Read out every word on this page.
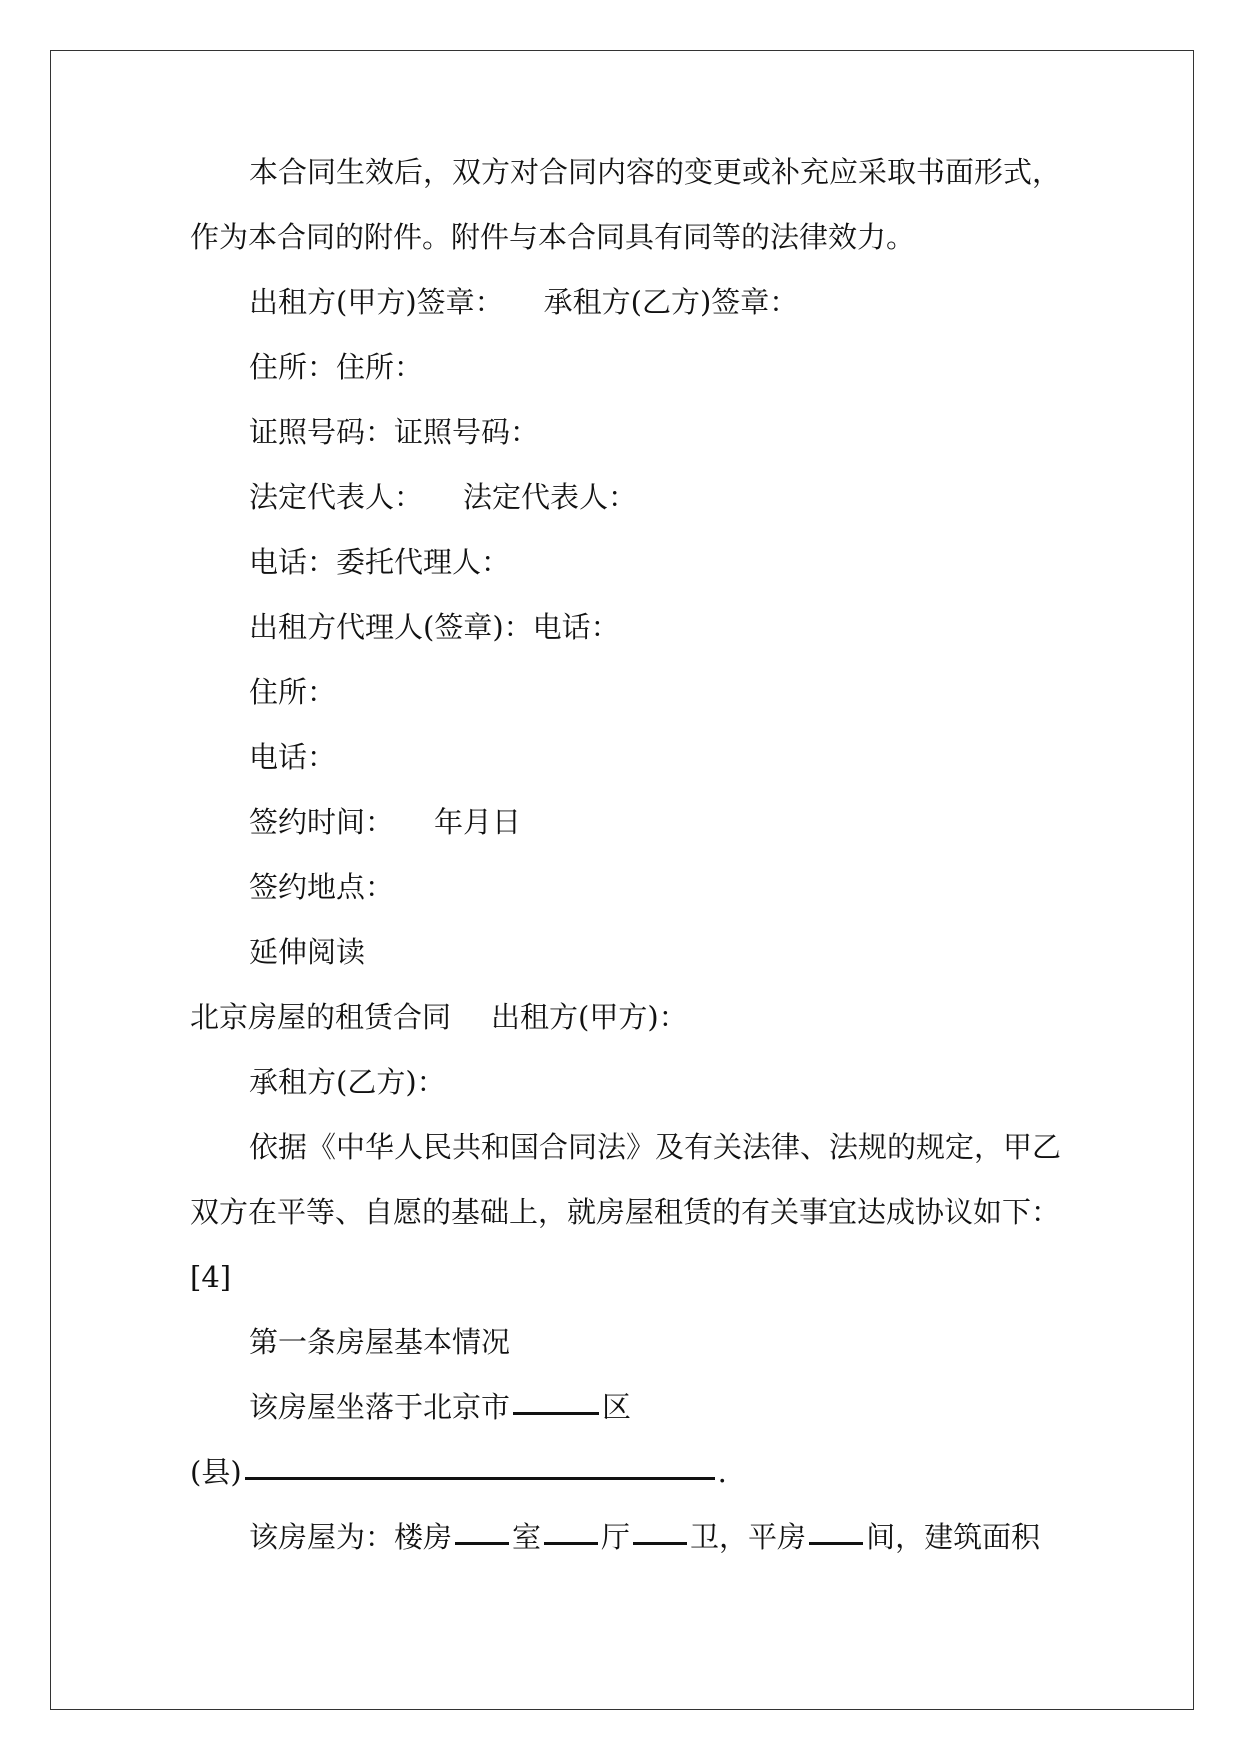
本合同生效后，双方对合同内容的变更或补充应采取书面形式，
作为本合同的附件。附件与本合同具有同等的法律效力。
出租方(甲方)签章： 承租方(乙方)签章：
住所：住所：
证照号码：证照号码：
法定代表人： 法定代表人：
电话：委托代理人：
出租方代理人(签章)：电话：
住所：
电话：
签约时间： 年月日
签约地点：
延伸阅读
北京房屋的租赁合同 出租方(甲方)：
承租方(乙方)：
依据《中华人民共和国合同法》及有关法律、法规的规定，甲乙
双方在平等、自愿的基础上，就房屋租赁的有关事宜达成协议如下：
[4]
第一条房屋基本情况
该房屋坐落于北京市	区
(县)	.
该房屋为：楼房 室 厅 卫，平房 间，建筑面积
